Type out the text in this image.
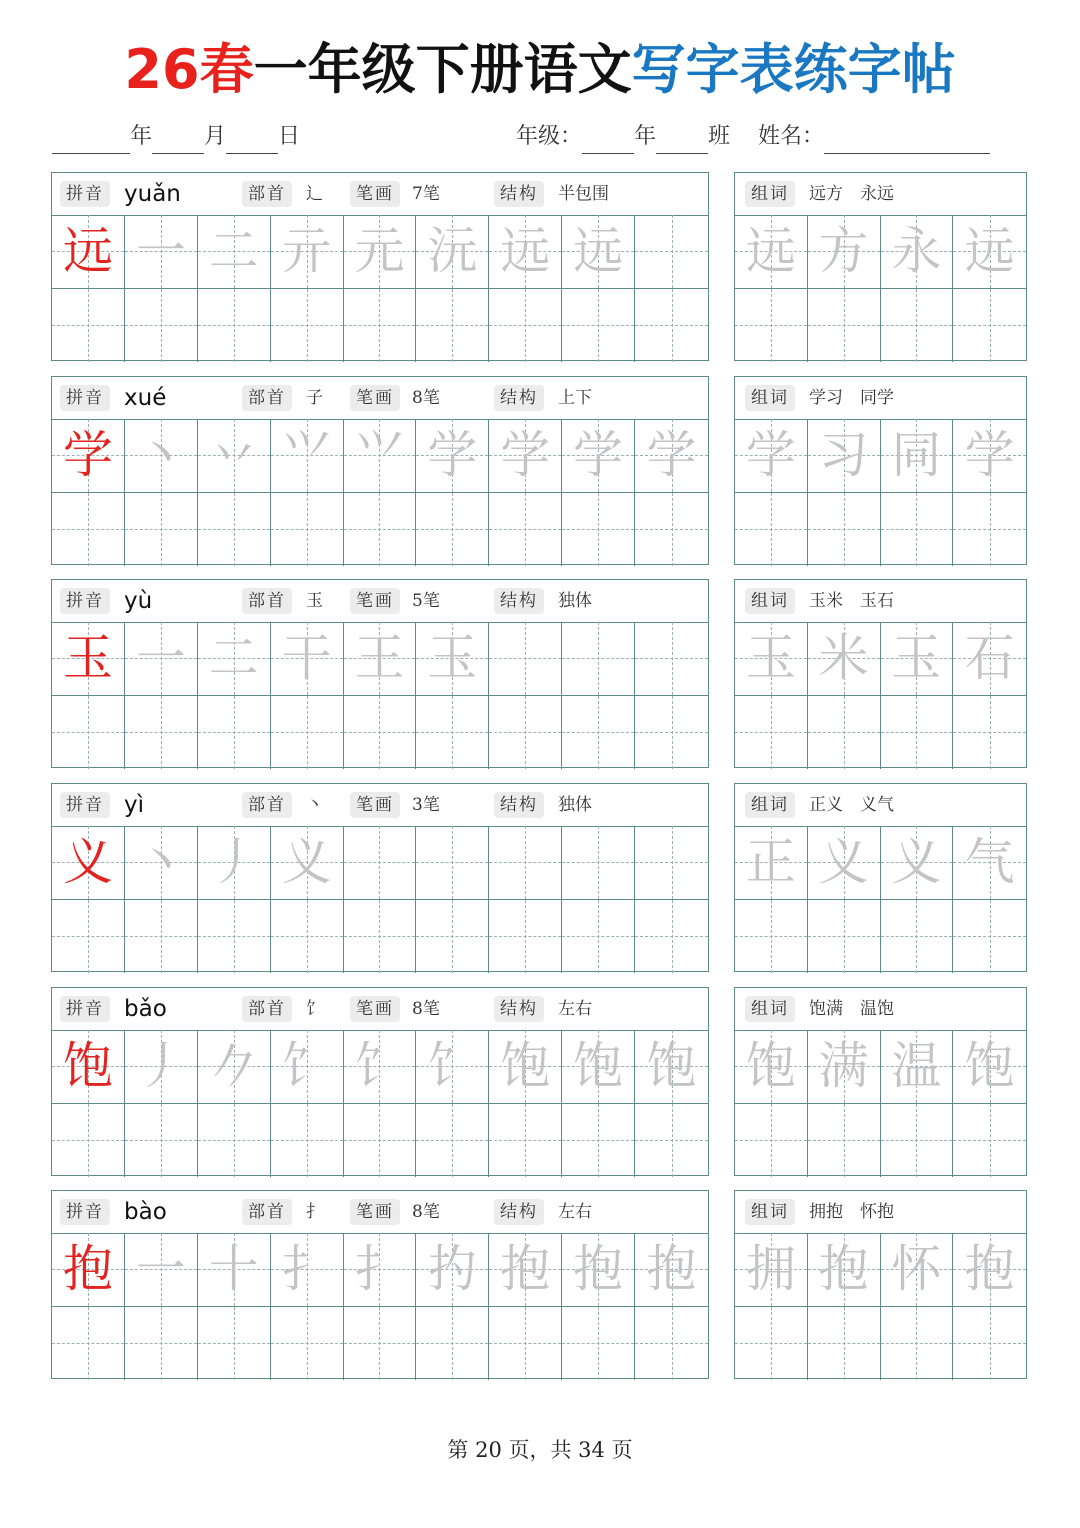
26春一年级下册语文写字表练字帖
年 月 日	年级： 年 班 姓名：
拼音 yuǎn	部首	辶	笔画	7笔	结构	半包围
远 一 二 亓 元 沅 远 远
组词	远方　永远
远 方 永 远
拼音 xué	部首	子	笔画	8笔	结构	上下
学 丶 丷 ⺍ ⺍ 学 学 学 学
组词	学习　同学
学 习 同 学
拼音 yù	部首	玉	笔画	5笔	结构	独体
玉 一 二 干 王 玉
组词	玉米　玉石
玉 米 玉 石
拼音 yì	部首	丶	笔画	3笔	结构	独体
义 丶 丿 义
组词	正义　义气
正 义 义 气
拼音 bǎo	部首	饣	笔画	8笔	结构	左右
饱 丿 𠂊 饣 饣 饣 饱 饱 饱
组词	饱满　温饱
饱 满 温 饱
拼音 bào	部首	扌	笔画	8笔	结构	左右
抱 一 十 扌 扌 扚 抱 抱 抱
组词	拥抱　怀抱
拥 抱 怀 抱
第 20 页，共 34 页
